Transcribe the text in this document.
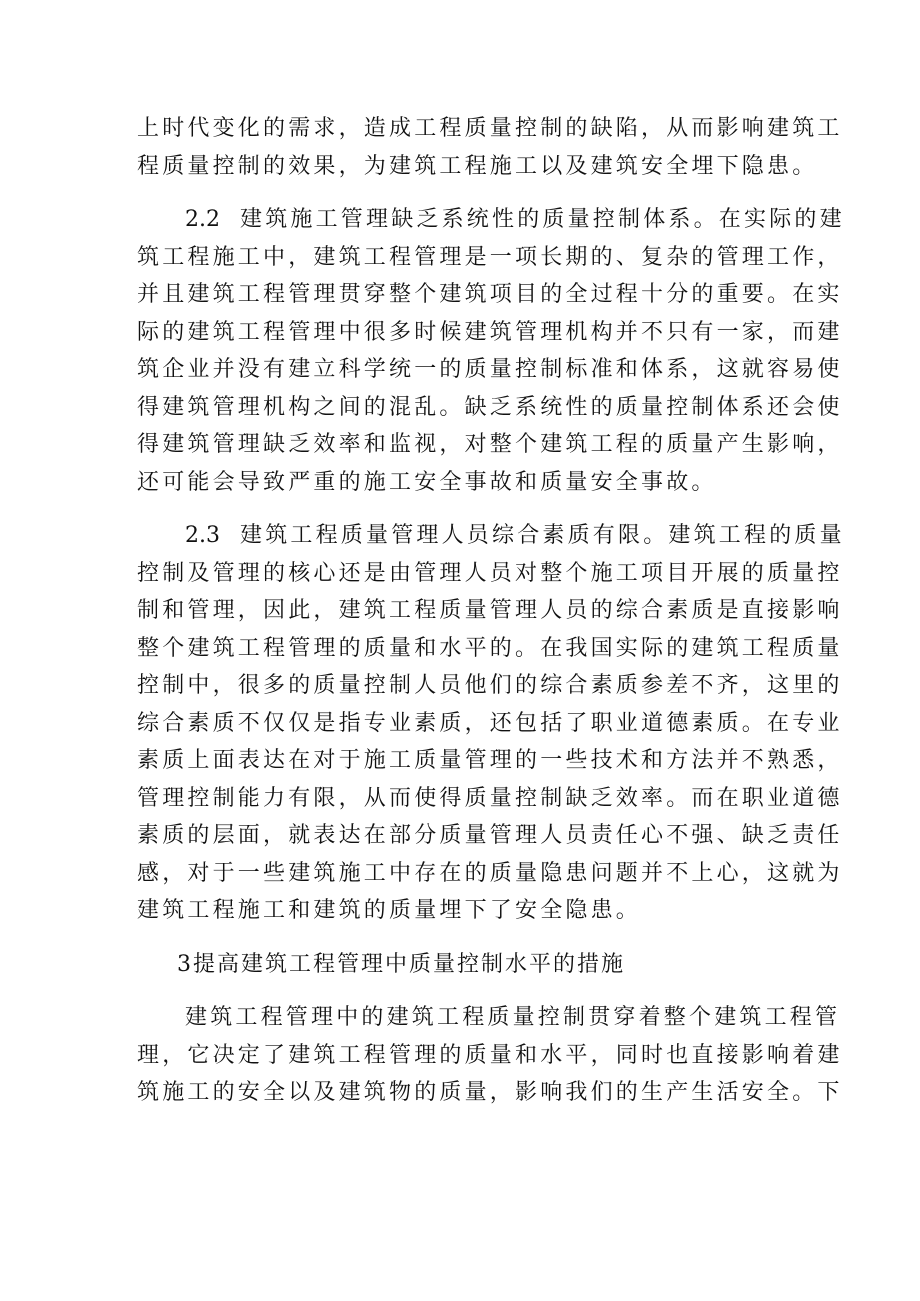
上时代变化的需求，造成工程质量控制的缺陷，从而影响建筑工
程质量控制的效果，为建筑工程施工以及建筑安全埋下隐患。

2.2 建筑施工管理缺乏系统性的质量控制体系。在实际的建
筑工程施工中，建筑工程管理是一项长期的、复杂的管理工作，
并且建筑工程管理贯穿整个建筑项目的全过程十分的重要。在实
际的建筑工程管理中很多时候建筑管理机构并不只有一家，而建
筑企业并没有建立科学统一的质量控制标准和体系，这就容易使
得建筑管理机构之间的混乱。缺乏系统性的质量控制体系还会使
得建筑管理缺乏效率和监视，对整个建筑工程的质量产生影响，
还可能会导致严重的施工安全事故和质量安全事故。

2.3 建筑工程质量管理人员综合素质有限。建筑工程的质量
控制及管理的核心还是由管理人员对整个施工项目开展的质量控
制和管理，因此，建筑工程质量管理人员的综合素质是直接影响
整个建筑工程管理的质量和水平的。在我国实际的建筑工程质量
控制中，很多的质量控制人员他们的综合素质参差不齐，这里的
综合素质不仅仅是指专业素质，还包括了职业道德素质。在专业
素质上面表达在对于施工质量管理的一些技术和方法并不熟悉，
管理控制能力有限，从而使得质量控制缺乏效率。而在职业道德
素质的层面，就表达在部分质量管理人员责任心不强、缺乏责任
感，对于一些建筑施工中存在的质量隐患问题并不上心，这就为
建筑工程施工和建筑的质量埋下了安全隐患。

3提高建筑工程管理中质量控制水平的措施

建筑工程管理中的建筑工程质量控制贯穿着整个建筑工程管
理，它决定了建筑工程管理的质量和水平，同时也直接影响着建
筑施工的安全以及建筑物的质量，影响我们的生产生活安全。下
